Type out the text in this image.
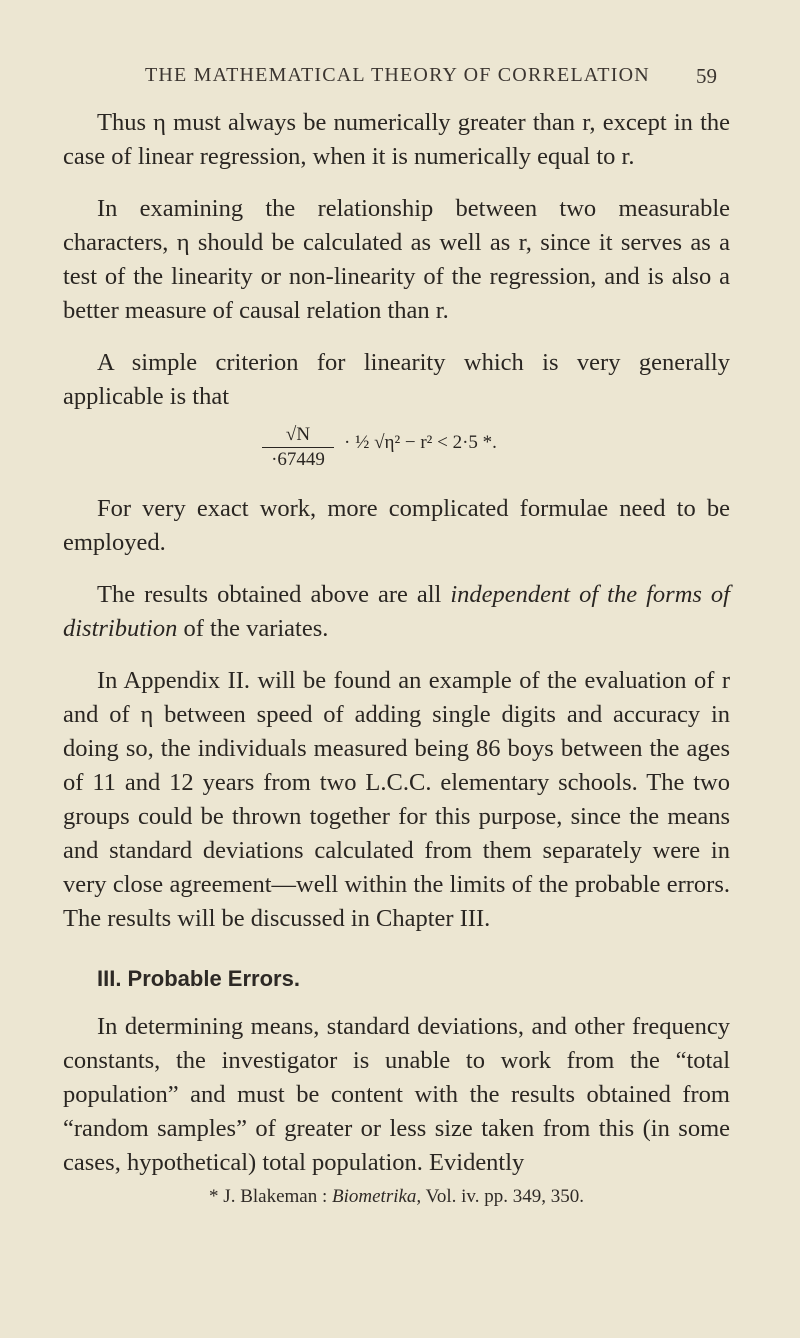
THE MATHEMATICAL THEORY OF CORRELATION 59

Thus η must always be numerically greater than r, except in the case of linear regression, when it is numerically equal to r.

In examining the relationship between two measurable characters, η should be calculated as well as r, since it serves as a test of the linearity or non-linearity of the regression, and is also a better measure of causal relation than r.

A simple criterion for linearity which is very generally applicable is that

√N
·67449
· ½ √η² − r² < 2·5 *.

For very exact work, more complicated formulae need to be employed.

The results obtained above are all independent of the forms of distribution of the variates.

In Appendix II. will be found an example of the evaluation of r and of η between speed of adding single digits and accuracy in doing so, the individuals measured being 86 boys between the ages of 11 and 12 years from two L.C.C. elementary schools. The two groups could be thrown together for this purpose, since the means and standard deviations calculated from them separately were in very close agreement—well within the limits of the probable errors. The results will be discussed in Chapter III.

III. Probable Errors.

In determining means, standard deviations, and other frequency constants, the investigator is unable to work from the “total population” and must be content with the results obtained from “random samples” of greater or less size taken from this (in some cases, hypothetical) total population. Evidently

* J. Blakeman : Biometrika, Vol. iv. pp. 349, 350.
